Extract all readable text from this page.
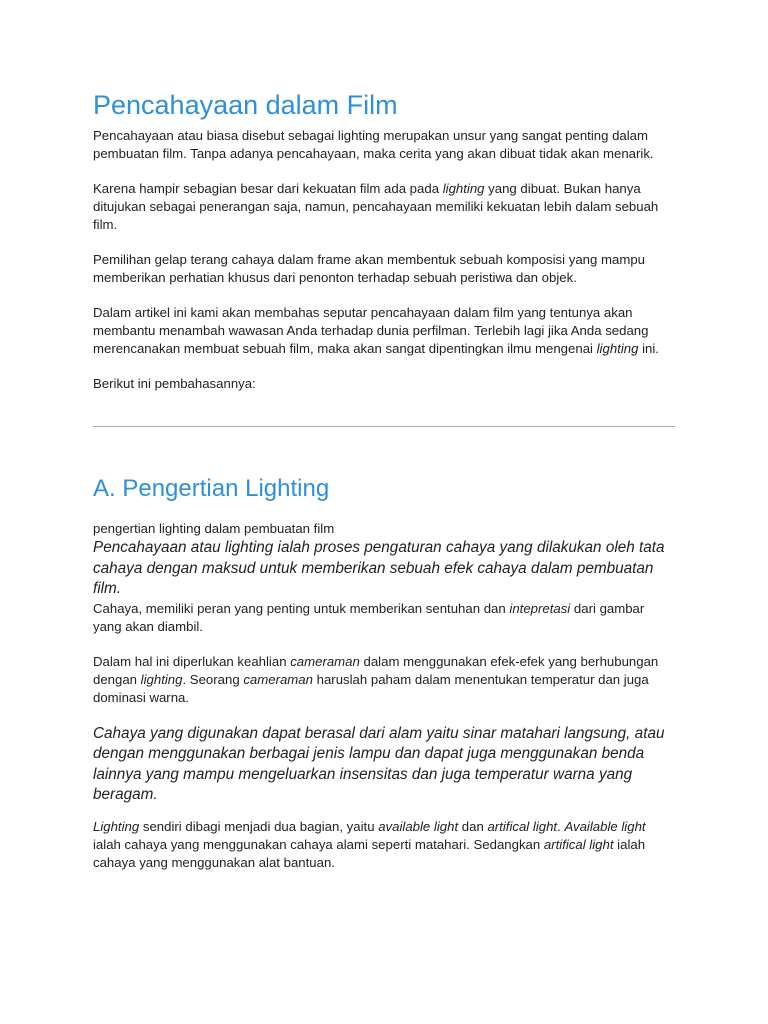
Pencahayaan dalam Film

Pencahayaan atau biasa disebut sebagai lighting merupakan unsur yang sangat penting dalam pembuatan film. Tanpa adanya pencahayaan, maka cerita yang akan dibuat tidak akan menarik.

Karena hampir sebagian besar dari kekuatan film ada pada lighting yang dibuat. Bukan hanya ditujukan sebagai penerangan saja, namun, pencahayaan memiliki kekuatan lebih dalam sebuah film.

Pemilihan gelap terang cahaya dalam frame akan membentuk sebuah komposisi yang mampu memberikan perhatian khusus dari penonton terhadap sebuah peristiwa dan objek.

Dalam artikel ini kami akan membahas seputar pencahayaan dalam film yang tentunya akan membantu menambah wawasan Anda terhadap dunia perfilman. Terlebih lagi jika Anda sedang merencanakan membuat sebuah film, maka akan sangat dipentingkan ilmu mengenai lighting ini.

Berikut ini pembahasannya:

A. Pengertian Lighting

pengertian lighting dalam pembuatan film

Pencahayaan atau lighting ialah proses pengaturan cahaya yang dilakukan oleh tata cahaya dengan maksud untuk memberikan sebuah efek cahaya dalam pembuatan film.

Cahaya, memiliki peran yang penting untuk memberikan sentuhan dan intepretasi dari gambar yang akan diambil.

Dalam hal ini diperlukan keahlian cameraman dalam menggunakan efek-efek yang berhubungan dengan lighting. Seorang cameraman haruslah paham dalam menentukan temperatur dan juga dominasi warna.

Cahaya yang digunakan dapat berasal dari alam yaitu sinar matahari langsung, atau dengan menggunakan berbagai jenis lampu dan dapat juga menggunakan benda lainnya yang mampu mengeluarkan insensitas dan juga temperatur warna yang beragam.

Lighting sendiri dibagi menjadi dua bagian, yaitu available light dan artifical light. Available light ialah cahaya yang menggunakan cahaya alami seperti matahari. Sedangkan artifical light ialah cahaya yang menggunakan alat bantuan.
